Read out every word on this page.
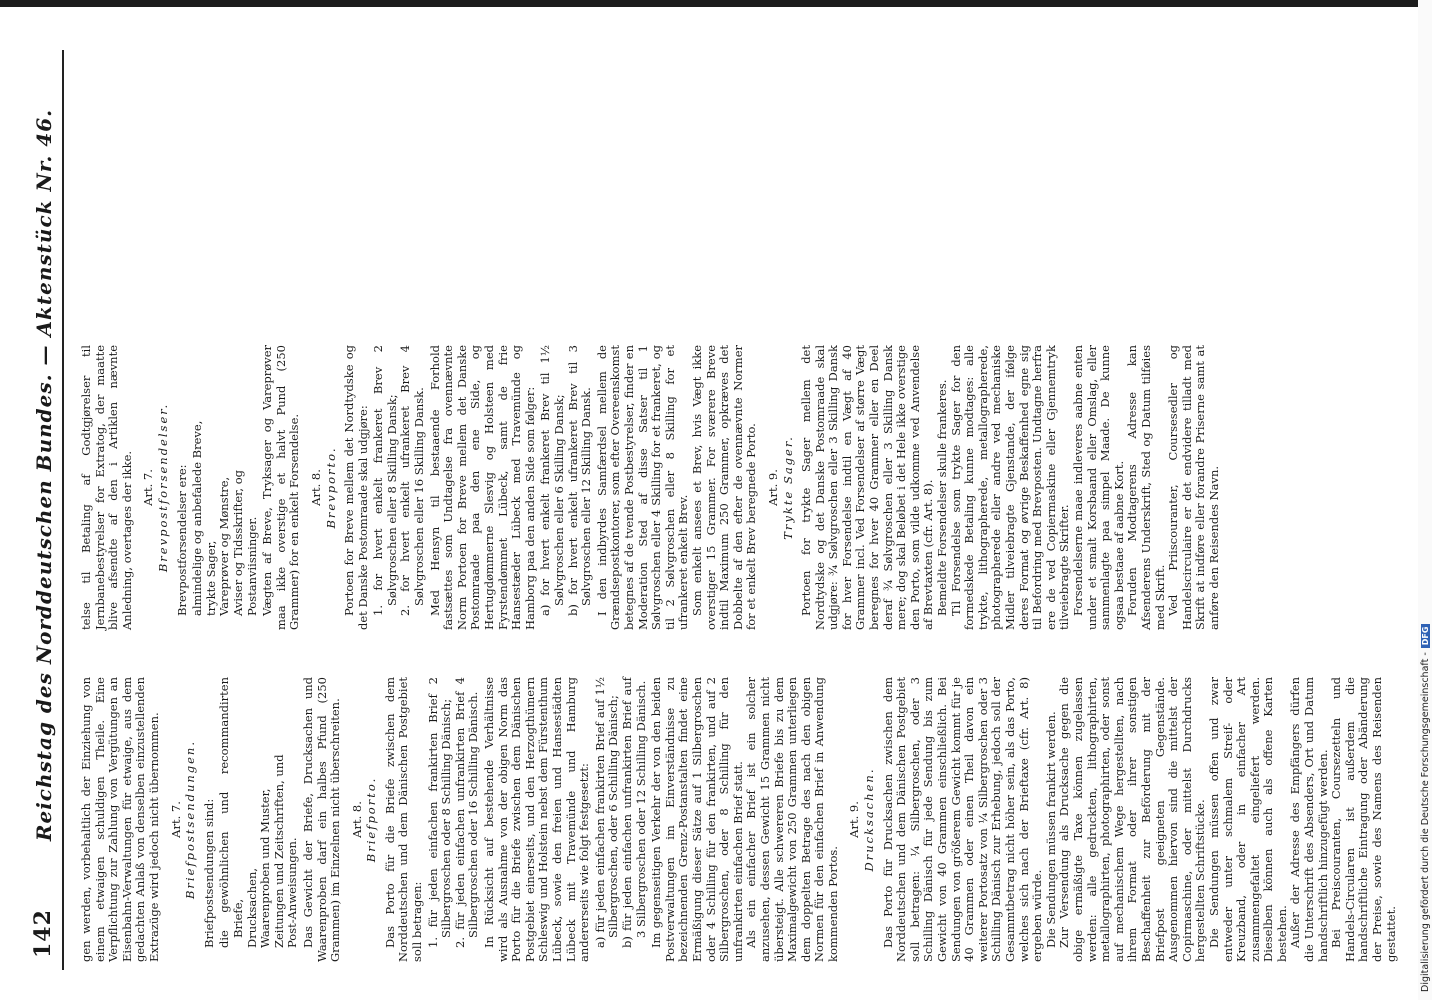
142
Reichstag des Norddeutschen Bundes. — Aktenstück Nr. 46. gen werden, vorbehaltlich der Einziehung von einem etwaigen schuldigen Theile. Eine Verpflichtung zur Zahlung von Vergütungen an Eisenbahn-Verwaltungen für etwaige, aus dem gedachten Anlaß von denselben einzustellenden Extrazüge wird jedoch nicht übernommen. Art. 7. Briefpostsendungen. Briefpostsendungen sind: die gewöhnlichen und recommandirten Briefe, Drucksachen, Waarenproben und Muster, Zeitungen und Zeitschriften, und Post-Anweisungen. Das Gewicht der Briefe, Drucksachen und Waarenproben darf ein halbes Pfund (250 Grammen) im Einzelnen nicht überschreiten. Art. 8. Briefporto. Das Porto für die Briefe zwischen dem Norddeutschen und dem Dänischen Postgebiet soll betragen: 1. für jeden einfachen frankirten Brief 2 Silbergroschen oder 8 Schilling Dänisch; 2. für jeden einfachen unfrankirten Brief 4 Silbergroschen oder 16 Schilling Dänisch. In Rücksicht auf bestehende Verhältnisse wird als Ausnahme von der obigen Norm das Porto für die Briefe zwischen dem Dänischen Postgebiet einerseits, und den Herzogthümern Schleswig und Holstein nebst dem Fürstenthum Lübeck, sowie den freien und Hansestädten Lübeck mit Travemünde und Hamburg andererseits wie folgt festgesetzt: a) für jeden einfachen frankirten Brief auf 1½ Silbergroschen, oder 6 Schilling Dänisch; b) für jeden einfachen unfrankirten Brief auf 3 Silbergroschen oder 12 Schilling Dänisch. Im gegenseitigen Verkehr der von den beiden Postverwaltungen im Einverständnisse zu bezeichnenden Grenz-Postanstalten findet eine Ermäßigung dieser Sätze auf 1 Silbergroschen oder 4 Schilling für den frankirten, und auf 2 Silbergroschen, oder 8 Schilling für den unfrankirten einfachen Brief statt. Als ein einfacher Brief ist ein solcher anzusehen, dessen Gewicht 15 Grammen nicht übersteigt. Alle schwereren Briefe bis zu dem Maximalgewicht von 250 Grammen unterliegen dem doppelten Betrage des nach den obigen Normen für den einfachen Brief in Anwendung kommenden Portos.

Art. 9. Drucksachen. Das Porto für Drucksachen zwischen dem Norddeutschen und dem Dänischen Postgebiet soll betragen: ¼ Silbergroschen, oder 3 Schilling Dänisch für jede Sendung bis zum Gewicht von 40 Grammen einschließlich. Bei Sendungen von größerem Gewicht kommt für je 40 Grammen oder einen Theil davon ein weiterer Portosatz von ¼ Silbergroschen oder 3 Schilling Dänisch zur Erhebung, jedoch soll der Gesammtbetrag nicht höher sein, als das Porto, welches sich nach der Brieftaxe (cfr. Art. 8) ergeben würde. Die Sendungen müssen frankirt werden. Zur Versendung als Drucksache gegen die obige ermäßigte Taxe können zugelassen werden: alle gedruckten, lithographirten, metallographirten, photographirten, oder sonst auf mechanischem Wege hergestellten, nach ihrem Format oder ihrer sonstigen Beschaffenheit zur Beförderung mit der Briefpost geeigneten Gegenstände. Ausgenommen hiervon sind die mittelst der Copirmaschine, oder mittelst Durchdrucks hergestellten Schriftstücke. Die Sendungen müssen offen und zwar entweder unter schmalem Streif- oder Kreuzband, oder in einfacher Art zusammengefaltet eingeliefert werden. Dieselben können auch als offene Karten bestehen. Außer der Adresse des Empfängers dürfen die Unterschrift des Absenders, Ort und Datum handschriftlich hinzugefügt werden. Bei Preiscouranten, Coursezetteln und Handels-Circularen ist außerdem die handschriftliche Eintragung oder Abänderung der Preise, sowie des Namens des Reisenden gestattet.

telse til Betaling af Godtgjørelser til Jernbanebestyrelser for Extratog, der maatte blive afsendte af den i Artiklen nævnte Anledning, overtages der ikke. Art. 7. Brevpostforsendelser. Brevpostforsendelser ere: almindelige og anbefalede Breve, trykte Sager, Vareprøver og Mønstre, Aviser og Tidsskrifter, og Postanviisninger. Vægten af Breve, Tryksager og Vareprøver maa ikke overstige et halvt Pund (250 Grammer) for en enkelt Forsendelse. Art. 8. Brevporto. Portoen for Breve mellem det Nordtydske og det Danske Postomraade skal udgjøre: 1. for hvert enkelt frankeret Brev 2 Sølvgroschen eller 8 Skilling Dansk; 2. for hvert enkelt ufrankeret Brev 4 Sølvgroschen eller 16 Skilling Dansk. Med Hensyn til bestaaende Forhold fastsættes som Undtagelse fra ovennævnte Norm Portoen for Breve mellem det Danske Postomraade paa den ene Side, og Hertugdømmerne Slesvig og Holsteen med Fyrstendømmet Lübeck, samt de frie Hansestæder Lübeck med Travemünde og Hamborg paa den anden Side som følger: a) for hvert enkelt frankeret Brev til 1½ Sølvgroschen eller 6 Skilling Dansk; b) for hvert enkelt ufrankeret Brev til 3 Sølvgroschen eller 12 Skilling Dansk. I den indbyrdes Samfærdsel mellem de Grændsepostkontorer, som efter Overeenskomst betegnes af de tvende Postbestyrelser, finder en Moderation Sted af disse Satser til 1 Sølvgroschen eller 4 Skilling for et frankeret, og til 2 Sølvgroschen eller 8 Skilling for et ufrankeret enkelt Brev. Som enkelt ansees et Brev, hvis Vægt ikke overstiger 15 Grammer. For sværere Breve indtil Maximum 250 Grammer, opkræves det Dobbelte af den efter de ovennævnte Normer for et enkelt Brev beregnede Porto. Art. 9. Trykte Sager. Portoen for trykte Sager mellem det Nordtydske og det Danske Postomraade skal udgjøre: ¾ Sølvgroschen eller 3 Skilling Dansk for hver Forsendelse indtil en Vægt af 40 Grammer incl. Ved Forsendelser af større Vægt beregnes for hver 40 Grammer eller en Deel deraf ¾ Sølvgroschen eller 3 Skilling Dansk mere; dog skal Beløbet i det Hele ikke overstige den Porto, som vilde udkomme ved Anvendelse af Brevtaxten (cfr. Art. 8). Bemeldte Forsendelser skulle frankeres. Til Forsendelse som trykte Sager for den formedskede Betaling kunne modtages: alle trykte, lithographerede, metallographerede, photographerede eller andre ved mechaniske Midler tilveiebragte Gjenstande, der ifølge deres Format og øvrige Beskaffenhed egne sig til Befordring med Brevposten. Undtagne herfra ere de ved Copiermaskine eller Gjennemtryk tilveiebragte Skrifter. Forsendelserne maae indleveres aabne enten under et smalt Korsbaand eller Omslag, eller sammenlagte paa simpel Maade. De kunne ogsaa bestaae af aabne Kort. Foruden Modtagerens Adresse kan Afsenderens Underskrift, Sted og Datum tilføies med Skrift. Ved Priiscouranter, Coursesedler og Handelscirculaire er det endvidere tilladt med Skrift at indføre eller forandre Priserne samt at anføre den Reisendes Navn.

Digitalisierung gefördert durch die Deutsche Forschungsgemeinschaft -DFG
